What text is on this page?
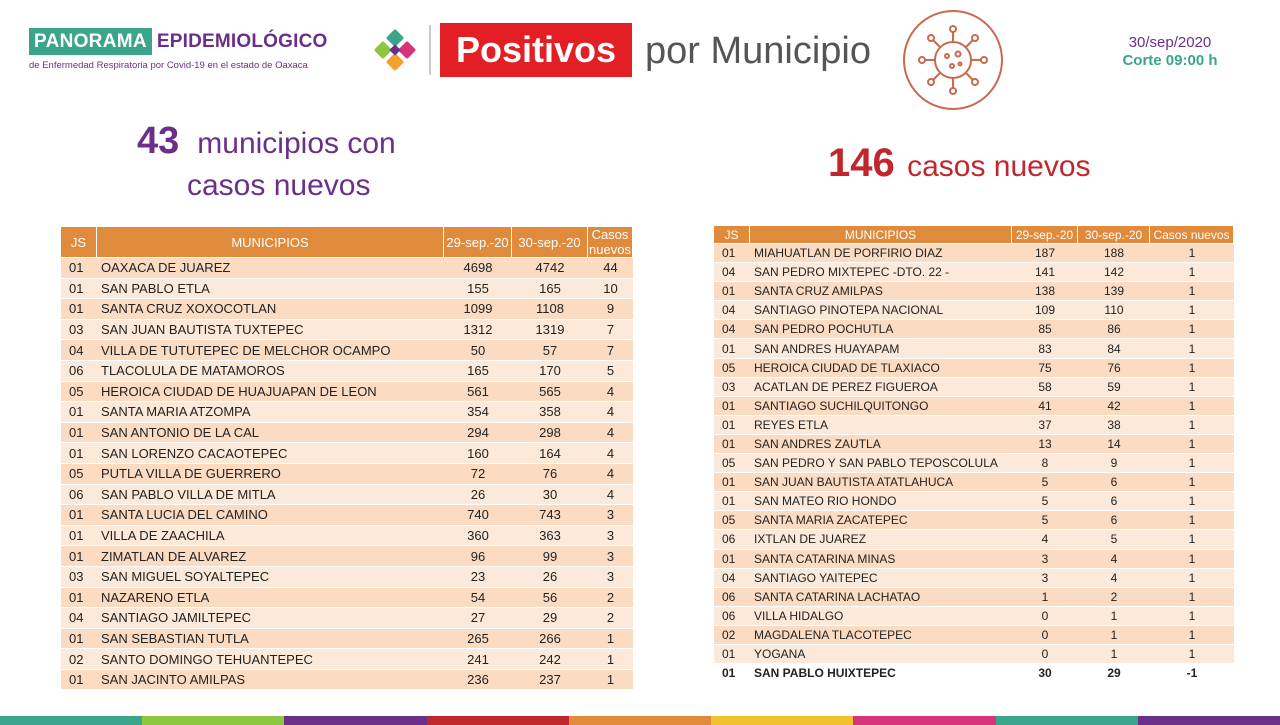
PANORAMA EPIDEMIOLÓGICO
de Enfermedad Respiratoria por Covid-19 en el estado de Oaxaca	Positivos por Municipio	30/sep/2020
Corte 09:00 h
43 municipios con
casos nuevos
146 casos nuevos
JS	MUNICIPIOS	29-sep.-20	30-sep.-20	Casos nuevos
01	OAXACA DE JUAREZ	4698	4742	44
01	SAN PABLO ETLA	155	165	10
01	SANTA CRUZ XOXOCOTLAN	1099	1108	9
03	SAN JUAN BAUTISTA TUXTEPEC	1312	1319	7
04	VILLA DE TUTUTEPEC DE MELCHOR OCAMPO	50	57	7
06	TLACOLULA DE MATAMOROS	165	170	5
05	HEROICA CIUDAD DE HUAJUAPAN DE LEON	561	565	4
01	SANTA MARIA ATZOMPA	354	358	4
01	SAN ANTONIO DE LA CAL	294	298	4
01	SAN LORENZO CACAOTEPEC	160	164	4
05	PUTLA VILLA DE GUERRERO	72	76	4
06	SAN PABLO VILLA DE MITLA	26	30	4
01	SANTA LUCIA DEL CAMINO	740	743	3
01	VILLA DE ZAACHILA	360	363	3
01	ZIMATLAN DE ALVAREZ	96	99	3
03	SAN MIGUEL SOYALTEPEC	23	26	3
01	NAZARENO ETLA	54	56	2
04	SANTIAGO JAMILTEPEC	27	29	2
01	SAN SEBASTIAN TUTLA	265	266	1
02	SANTO DOMINGO TEHUANTEPEC	241	242	1
01	SAN JACINTO AMILPAS	236	237	1
JS	MUNICIPIOS	29-sep.-20	30-sep.-20	Casos nuevos
01	MIAHUATLAN DE PORFIRIO DIAZ	187	188	1
04	SAN PEDRO MIXTEPEC -DTO. 22 -	141	142	1
01	SANTA CRUZ AMILPAS	138	139	1
04	SANTIAGO PINOTEPA NACIONAL	109	110	1
04	SAN PEDRO POCHUTLA	85	86	1
01	SAN ANDRES HUAYAPAM	83	84	1
05	HEROICA CIUDAD DE TLAXIACO	75	76	1
03	ACATLAN DE PEREZ FIGUEROA	58	59	1
01	SANTIAGO SUCHILQUITONGO	41	42	1
01	REYES ETLA	37	38	1
01	SAN ANDRES ZAUTLA	13	14	1
05	SAN PEDRO Y SAN PABLO TEPOSCOLULA	8	9	1
01	SAN JUAN BAUTISTA ATATLAHUCA	5	6	1
01	SAN MATEO RIO HONDO	5	6	1
05	SANTA MARIA ZACATEPEC	5	6	1
06	IXTLAN DE JUAREZ	4	5	1
01	SANTA CATARINA MINAS	3	4	1
04	SANTIAGO YAITEPEC	3	4	1
06	SANTA CATARINA LACHATAO	1	2	1
06	VILLA HIDALGO	0	1	1
02	MAGDALENA TLACOTEPEC	0	1	1
01	YOGANA	0	1	1
01	SAN PABLO HUIXTEPEC	30	29	-1
